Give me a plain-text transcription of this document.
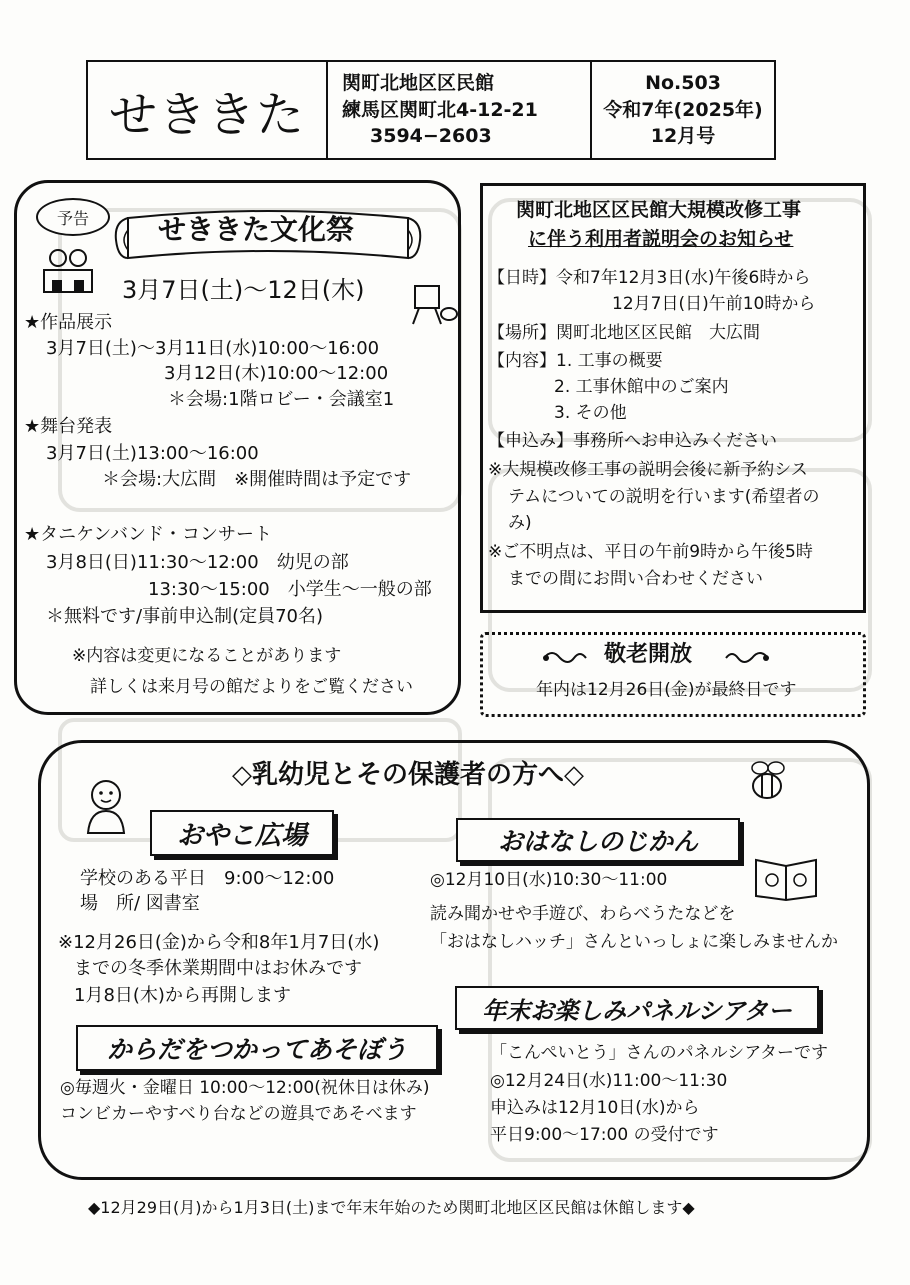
せききた
関町北地区区民館
練馬区関町北4-12-21
3594−2603
No.503
令和7年(2025年)
12月号
予告	せききた文化祭
3月7日(土)～12日(木)
★作品展示
3月7日(土)～3月11日(水)10:00～16:00
3月12日(木)10:00～12:00
＊会場:1階ロビー・会議室1
★舞台発表
3月7日(土)13:00～16:00
＊会場:大広間　※開催時間は予定です
★タニケンバンド・コンサート
3月8日(日)11:30～12:00　幼児の部
13:30～15:00　小学生～一般の部
＊無料です/事前申込制(定員70名)
※内容は変更になることがあります
詳しくは来月号の館だよりをご覧ください
関町北地区区民館大規模改修工事
に伴う利用者説明会のお知らせ
【日時】令和7年12月3日(水)午後6時から
12月7日(日)午前10時から
【場所】関町北地区区民館　大広間
【内容】1. 工事の概要
2. 工事休館中のご案内
3. その他
【申込み】事務所へお申込みください
※大規模改修工事の説明会後に新予約シス
テムについての説明を行います(希望者の
み)
※ご不明点は、平日の午前9時から午後5時
までの間にお問い合わせください
敬老開放
年内は12月26日(金)が最終日です
◇乳幼児とその保護者の方へ◇
おやこ広場
学校のある平日　9:00～12:00
場　所/ 図書室
※12月26日(金)から令和8年1月7日(水)
までの冬季休業期間中はお休みです
1月8日(木)から再開します
からだをつかってあそぼう
◎毎週火・金曜日 10:00～12:00(祝休日は休み)
コンビカーやすべり台などの遊具であそべます
おはなしのじかん
◎12月10日(水)10:30～11:00
読み聞かせや手遊び、わらべうたなどを
「おはなしハッチ」さんといっしょに楽しみませんか
年末お楽しみパネルシアター
「こんぺいとう」さんのパネルシアターです
◎12月24日(水)11:00～11:30
申込みは12月10日(水)から
平日9:00～17:00 の受付です
◆12月29日(月)から1月3日(土)まで年末年始のため関町北地区区民館は休館します◆
